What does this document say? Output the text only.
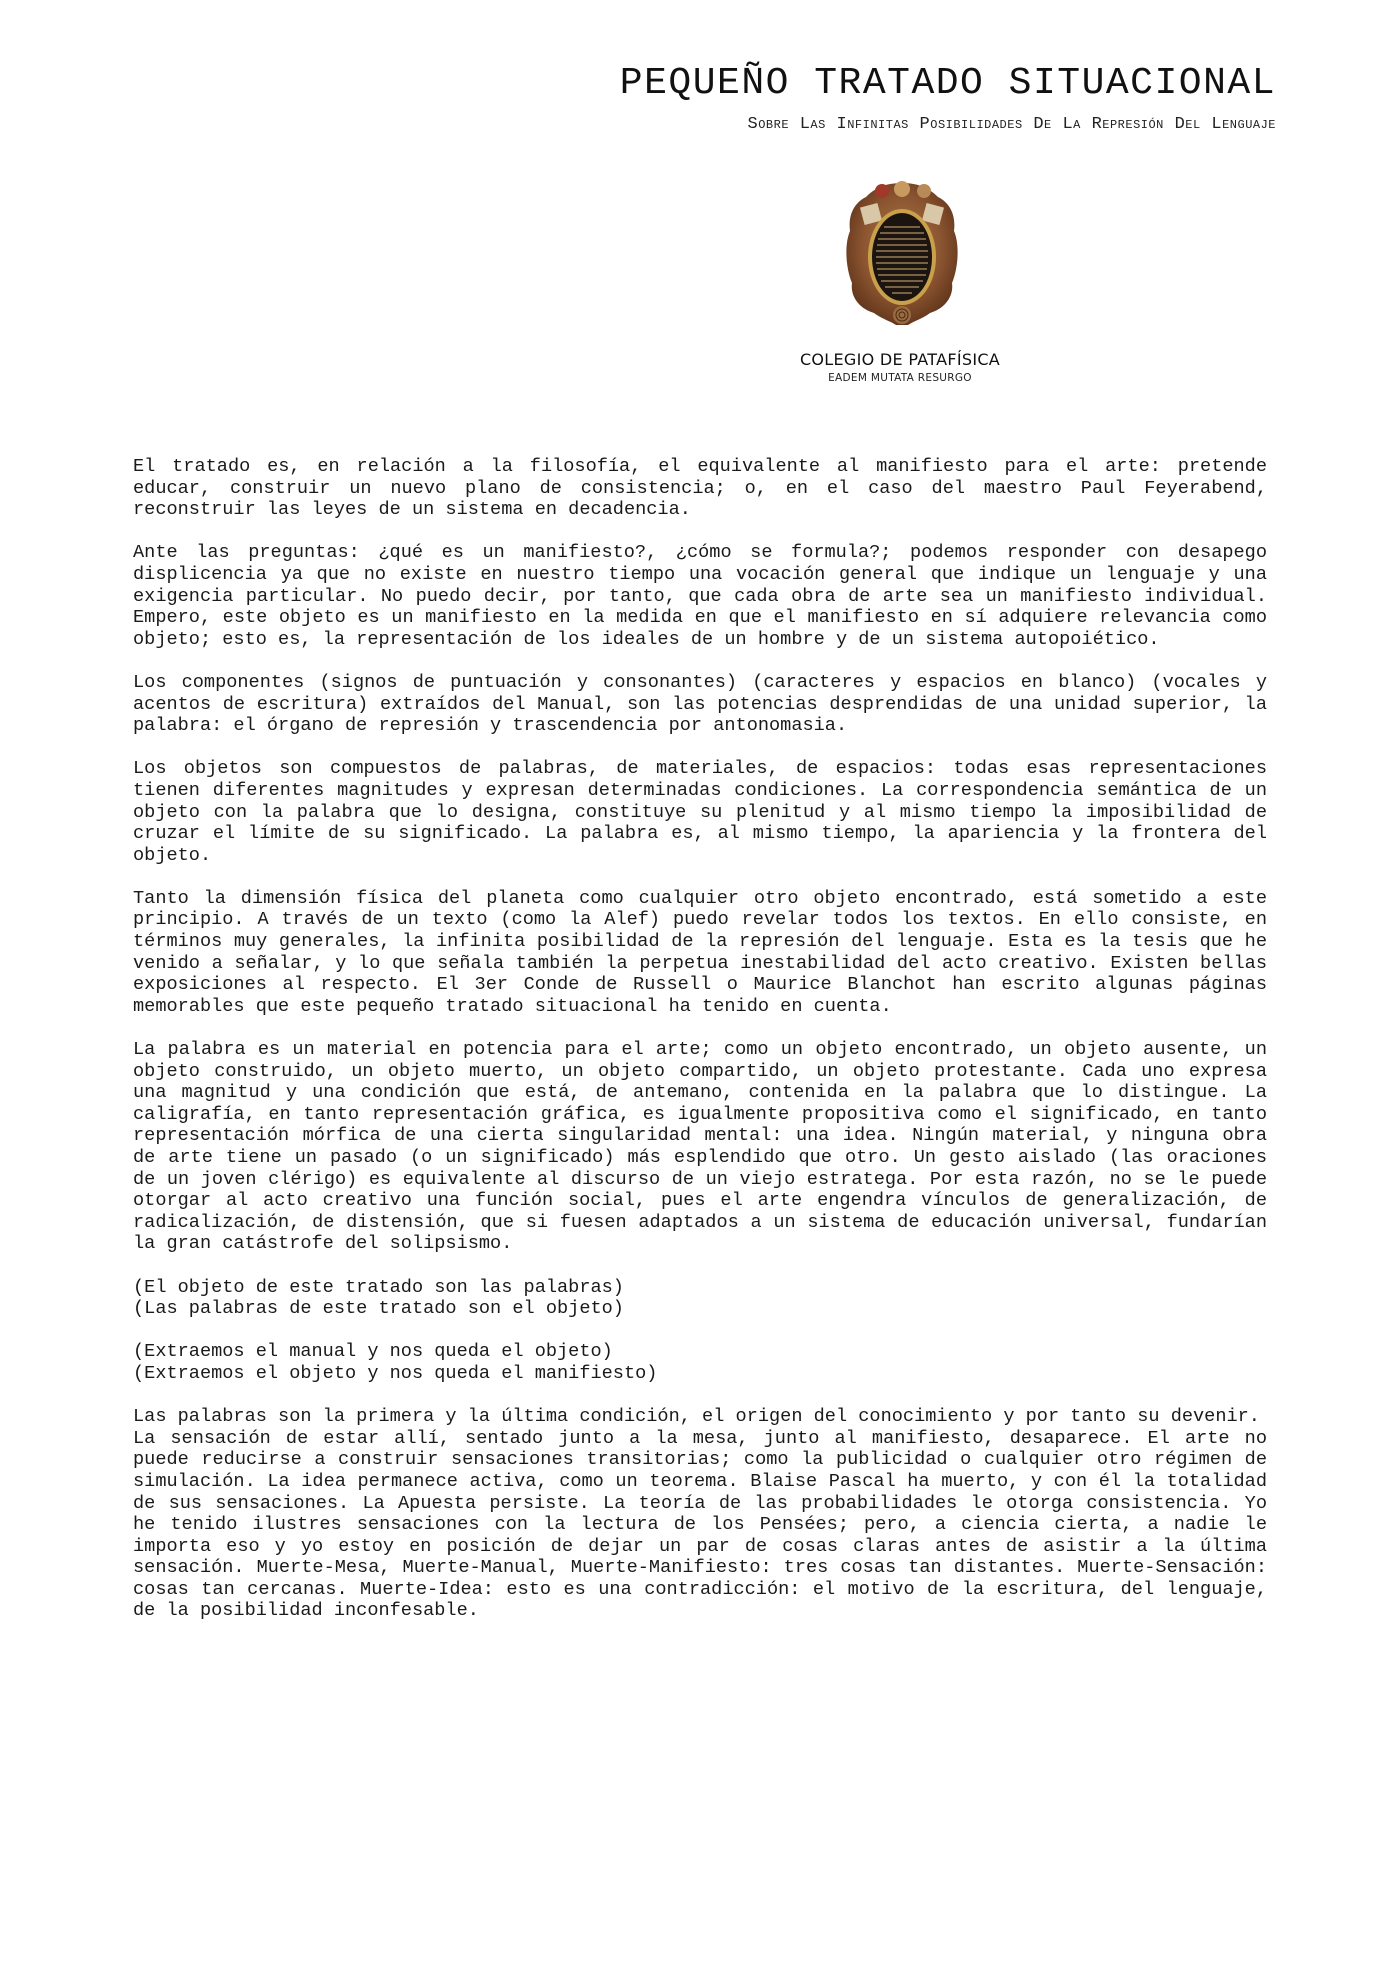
PEQUEÑO TRATADO SITUACIONAL
Sobre Las Infinitas Posibilidades De La Represión Del Lenguaje
COLEGIO DE PATAFÍSICA
EADEM MUTATA RESURGO

El tratado es, en relación a la filosofía, el equivalente al manifiesto para el arte: pretende educar, construir un nuevo plano de consistencia; o, en el caso del maestro Paul Feyerabend, reconstruir las leyes de un sistema en decadencia.

Ante las preguntas: ¿qué es un manifiesto?, ¿cómo se formula?; podemos responder con desapego displicencia ya que no existe en nuestro tiempo una vocación general que indique un lenguaje y una exigencia particular. No puedo decir, por tanto, que cada obra de arte sea un manifiesto individual. Empero, este objeto es un manifiesto en la medida en que el manifiesto en sí adquiere relevancia como objeto; esto es, la representación de los ideales de un hombre y de un sistema autopoiético.

Los componentes (signos de puntuación y consonantes) (caracteres y espacios en blanco) (vocales y acentos de escritura) extraídos del Manual, son las potencias desprendidas de una unidad superior, la palabra: el órgano de represión y trascendencia por antonomasia.

Los objetos son compuestos de palabras, de materiales, de espacios: todas esas representaciones tienen diferentes magnitudes y expresan determinadas condiciones. La correspondencia semántica de un objeto con la palabra que lo designa, constituye su plenitud y al mismo tiempo la imposibilidad de cruzar el límite de su significado. La palabra es, al mismo tiempo, la apariencia y la frontera del objeto.

Tanto la dimensión física del planeta como cualquier otro objeto encontrado, está sometido a este principio. A través de un texto (como la Alef) puedo revelar todos los textos. En ello consiste, en términos muy generales, la infinita posibilidad de la represión del lenguaje. Esta es la tesis que he venido a señalar, y lo que señala también la perpetua inestabilidad del acto creativo. Existen bellas exposiciones al respecto. El 3er Conde de Russell o Maurice Blanchot han escrito algunas páginas memorables que este pequeño tratado situacional ha tenido en cuenta.

La palabra es un material en potencia para el arte; como un objeto encontrado, un objeto ausente, un objeto construido, un objeto muerto, un objeto compartido, un objeto protestante. Cada uno expresa una magnitud y una condición que está, de antemano, contenida en la palabra que lo distingue. La caligrafía, en tanto representación gráfica, es igualmente propositiva como el significado, en tanto representación mórfica de una cierta singularidad mental: una idea. Ningún material, y ninguna obra de arte tiene un pasado (o un significado) más esplendido que otro. Un gesto aislado (las oraciones de un joven clérigo) es equivalente al discurso de un viejo estratega. Por esta razón, no se le puede otorgar al acto creativo una función social, pues el arte engendra vínculos de generalización, de radicalización, de distensión, que si fuesen adaptados a un sistema de educación universal, fundarían la gran catástrofe del solipsismo.

(El objeto de este tratado son las palabras)
(Las palabras de este tratado son el objeto)
(Extraemos el manual y nos queda el objeto)
(Extraemos el objeto y nos queda el manifiesto)

Las palabras son la primera y la última condición, el origen del conocimiento y por tanto su devenir.

La sensación de estar allí, sentado junto a la mesa, junto al manifiesto, desaparece. El arte no puede reducirse a construir sensaciones transitorias; como la publicidad o cualquier otro régimen de simulación. La idea permanece activa, como un teorema. Blaise Pascal ha muerto, y con él la totalidad de sus sensaciones. La Apuesta persiste. La teoría de las probabilidades le otorga consistencia. Yo he tenido ilustres sensaciones con la lectura de los Pensées; pero, a ciencia cierta, a nadie le importa eso y yo estoy en posición de dejar un par de cosas claras antes de asistir a la última sensación. Muerte-Mesa, Muerte-Manual, Muerte-Manifiesto: tres cosas tan distantes. Muerte-Sensación: cosas tan cercanas. Muerte-Idea: esto es una contradicción: el motivo de la escritura, del lenguaje, de la posibilidad inconfesable.
